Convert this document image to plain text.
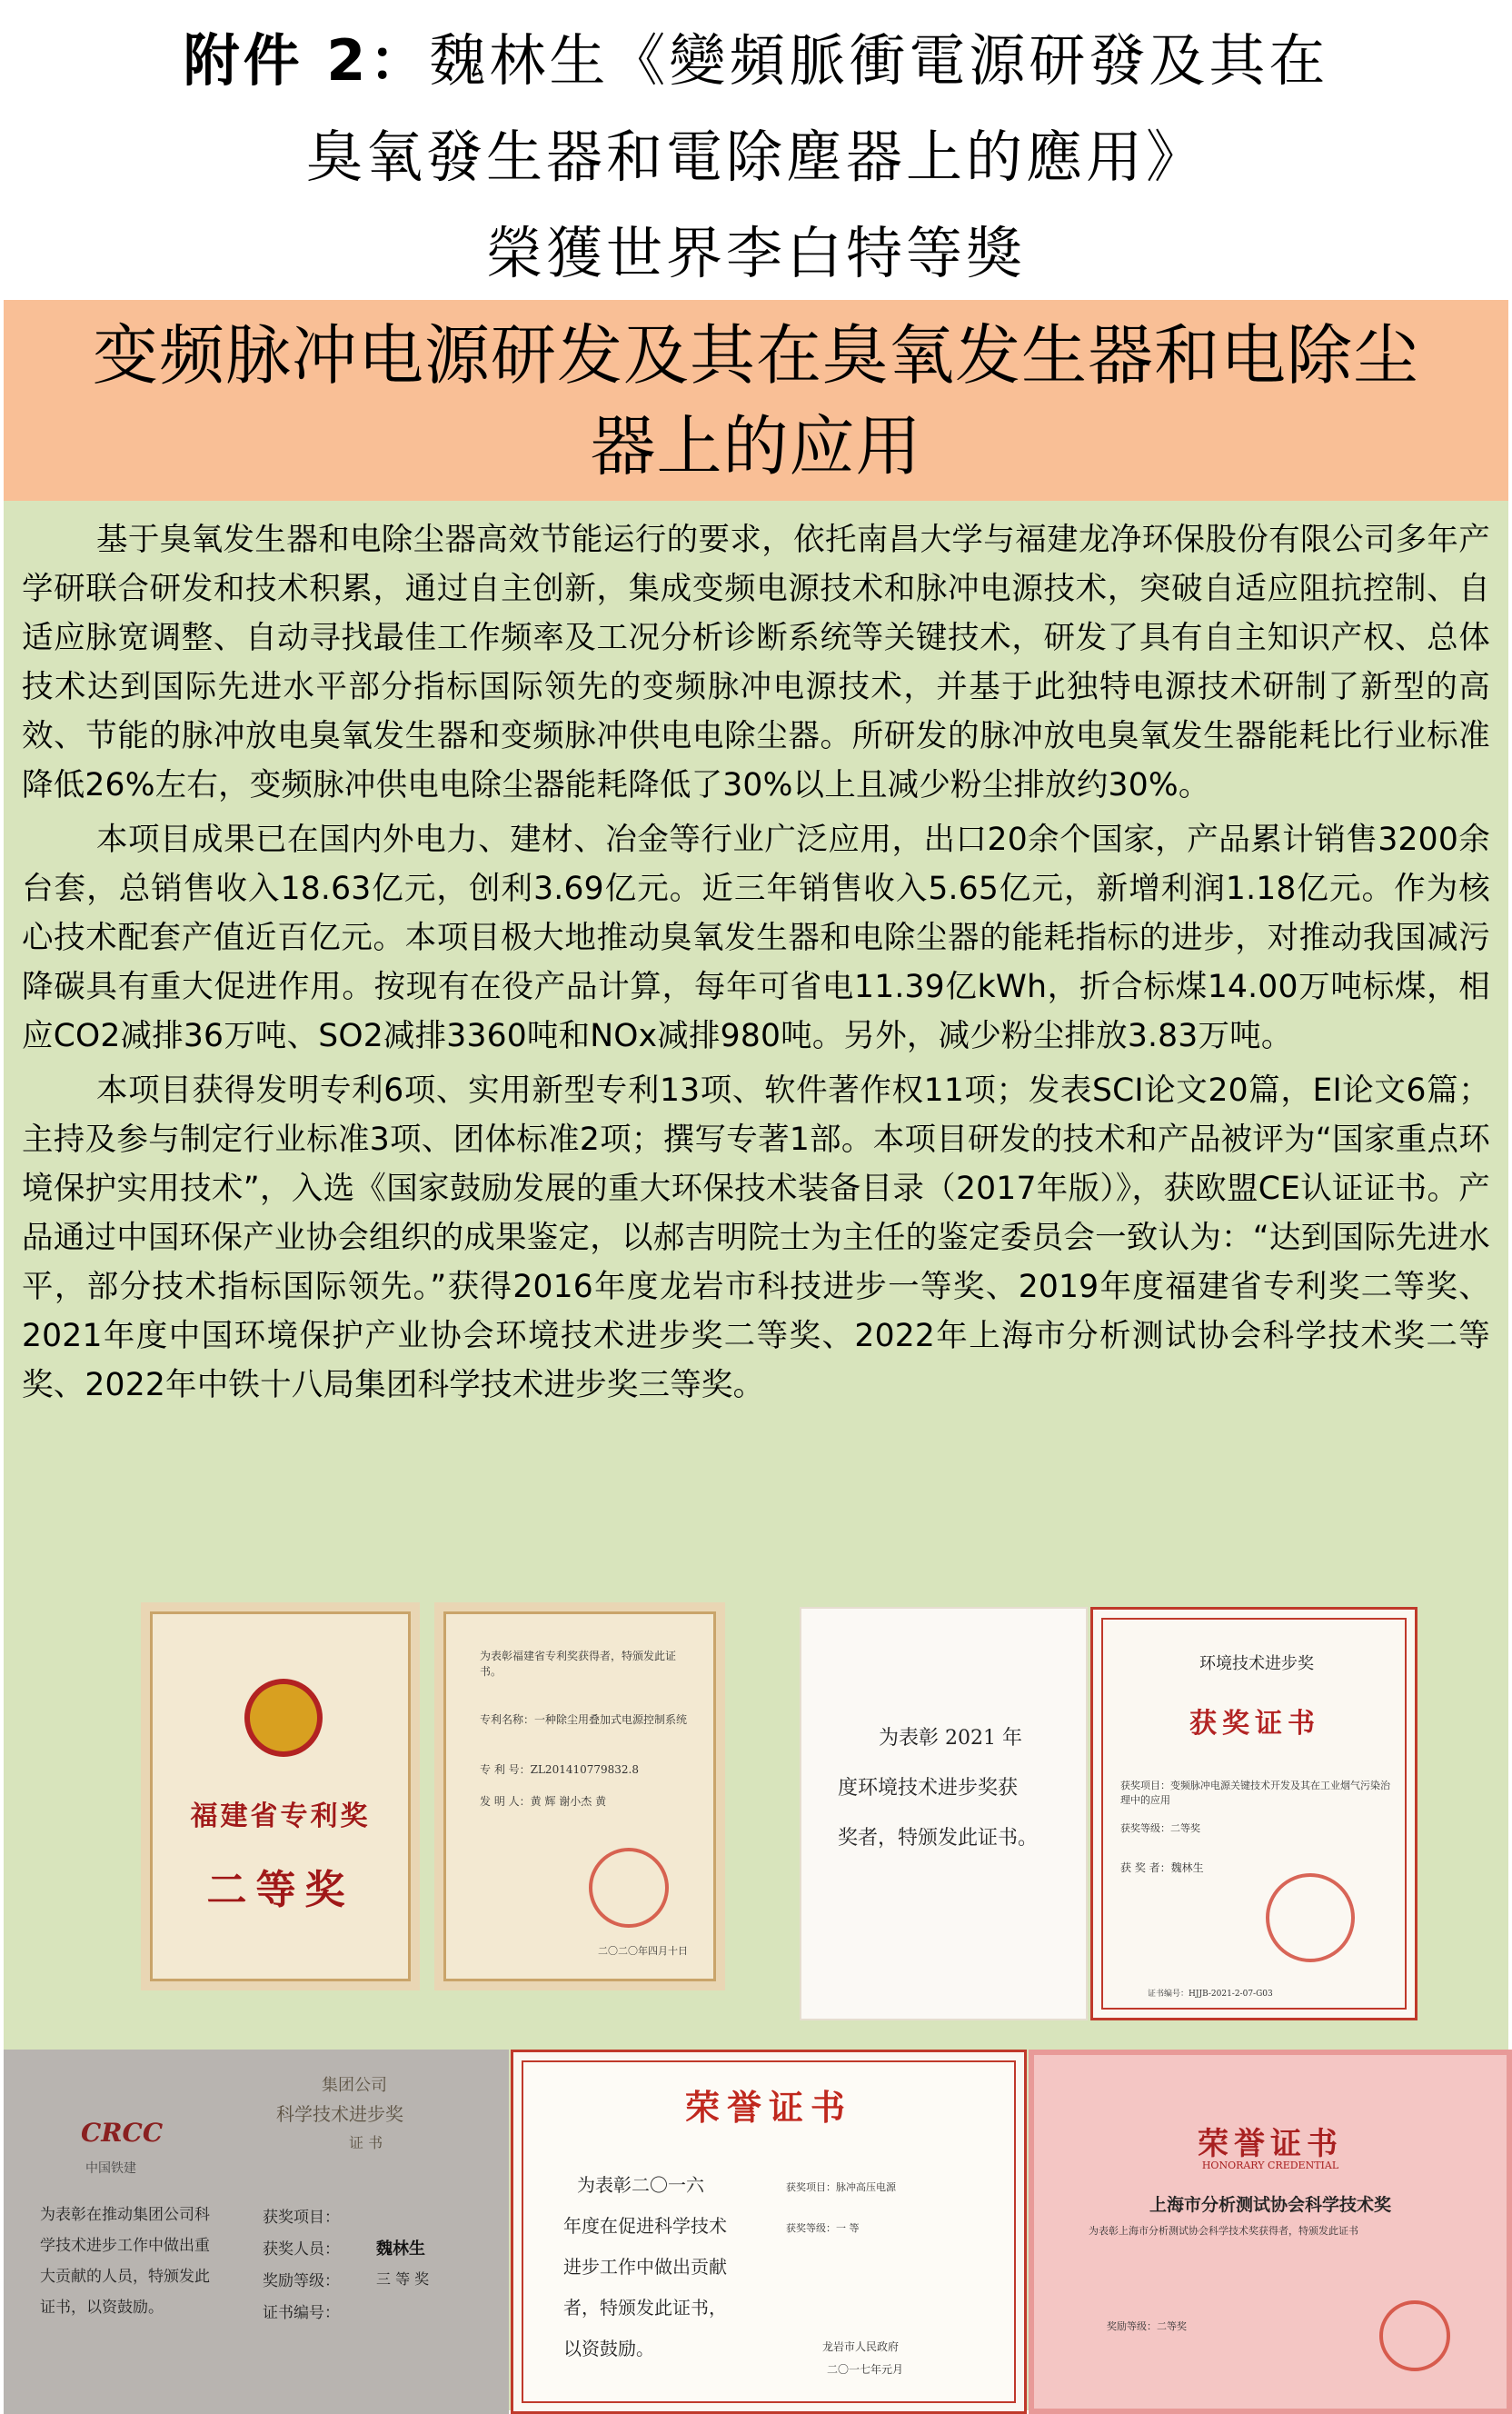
附件 2：魏林生《變頻脈衝電源研發及其在
臭氧發生器和電除塵器上的應用》
榮獲世界李白特等獎
变频脉冲电源研发及其在臭氧发生器和电除尘
器上的应用

基于臭氧发生器和电除尘器高效节能运行的要求，依托南昌大学与福建龙净环保股份有限公司多年产学研联合研发和技术积累，通过自主创新，集成变频电源技术和脉冲电源技术，突破自适应阻抗控制、自适应脉宽调整、自动寻找最佳工作频率及工况分析诊断系统等关键技术，研发了具有自主知识产权、总体技术达到国际先进水平部分指标国际领先的变频脉冲电源技术，并基于此独特电源技术研制了新型的高效、节能的脉冲放电臭氧发生器和变频脉冲供电电除尘器。所研发的脉冲放电臭氧发生器能耗比行业标准降低26%左右，变频脉冲供电电除尘器能耗降低了30%以上且减少粉尘排放约30%。

本项目成果已在国内外电力、建材、冶金等行业广泛应用，出口20余个国家，产品累计销售3200余台套，总销售收入18.63亿元，创利3.69亿元。近三年销售收入5.65亿元，新增利润1.18亿元。作为核心技术配套产值近百亿元。本项目极大地推动臭氧发生器和电除尘器的能耗指标的进步，对推动我国减污降碳具有重大促进作用。按现有在役产品计算，每年可省电11.39亿kWh，折合标煤14.00万吨标煤，相应CO2减排36万吨、SO2减排3360吨和NOx减排980吨。另外，减少粉尘排放3.83万吨。

本项目获得发明专利6项、实用新型专利13项、软件著作权11项；发表SCI论文20篇，EI论文6篇；主持及参与制定行业标准3项、团体标准2项；撰写专著1部。本项目研发的技术和产品被评为“国家重点环境保护实用技术”，入选《国家鼓励发展的重大环保技术装备目录（2017年版）》，获欧盟CE认证证书。产品通过中国环保产业协会组织的成果鉴定，以郝吉明院士为主任的鉴定委员会一致认为：“达到国际先进水平，部分技术指标国际领先。”获得2016年度龙岩市科技进步一等奖、2019年度福建省专利奖二等奖、2021年度中国环境保护产业协会环境技术进步奖二等奖、2022年上海市分析测试协会科学技术奖二等奖、2022年中铁十八局集团科学技术进步奖三等奖。

福建省专利奖
二等奖
为表彰福建省专利奖获得者，特颁发此证书。
专利名称：一种除尘用叠加式电源控制系统
专 利 号：ZL201410779832.8
发 明 人：黄 辉 谢小杰 黄
二〇二〇年四月十日
为表彰 2021 年
度环境技术进步奖获
奖者，特颁发此证书。
环境技术进步奖
获奖证书
获奖项目：变频脉冲电源关键技术开发及其在工业烟气污染治理中的应用
获奖等级：二等奖
获 奖 者：魏林生
证书编号：HJJB-2021-2-07-G03
CRCC
中国铁建
集团公司
科学技术进步奖
证 书
为表彰在推动集团公司科学技术进步工作中做出重大贡献的人员，特颁发此证书，以资鼓励。
获奖项目：
获奖人员： 魏林生
奖励等级：	三 等 奖
证书编号：
荣誉证书
为表彰二〇一六
年度在促进科学技术
进步工作中做出贡献
者，特颁发此证书，
以资鼓励。
获奖项目：脉冲高压电源
获奖等级：一 等
龙岩市人民政府
二〇一七年元月
荣誉证书
HONORARY CREDENTIAL
上海市分析测试协会科学技术奖
为表彰上海市分析测试协会科学技术奖获得者，特颁发此证书
奖励等级：二等奖
